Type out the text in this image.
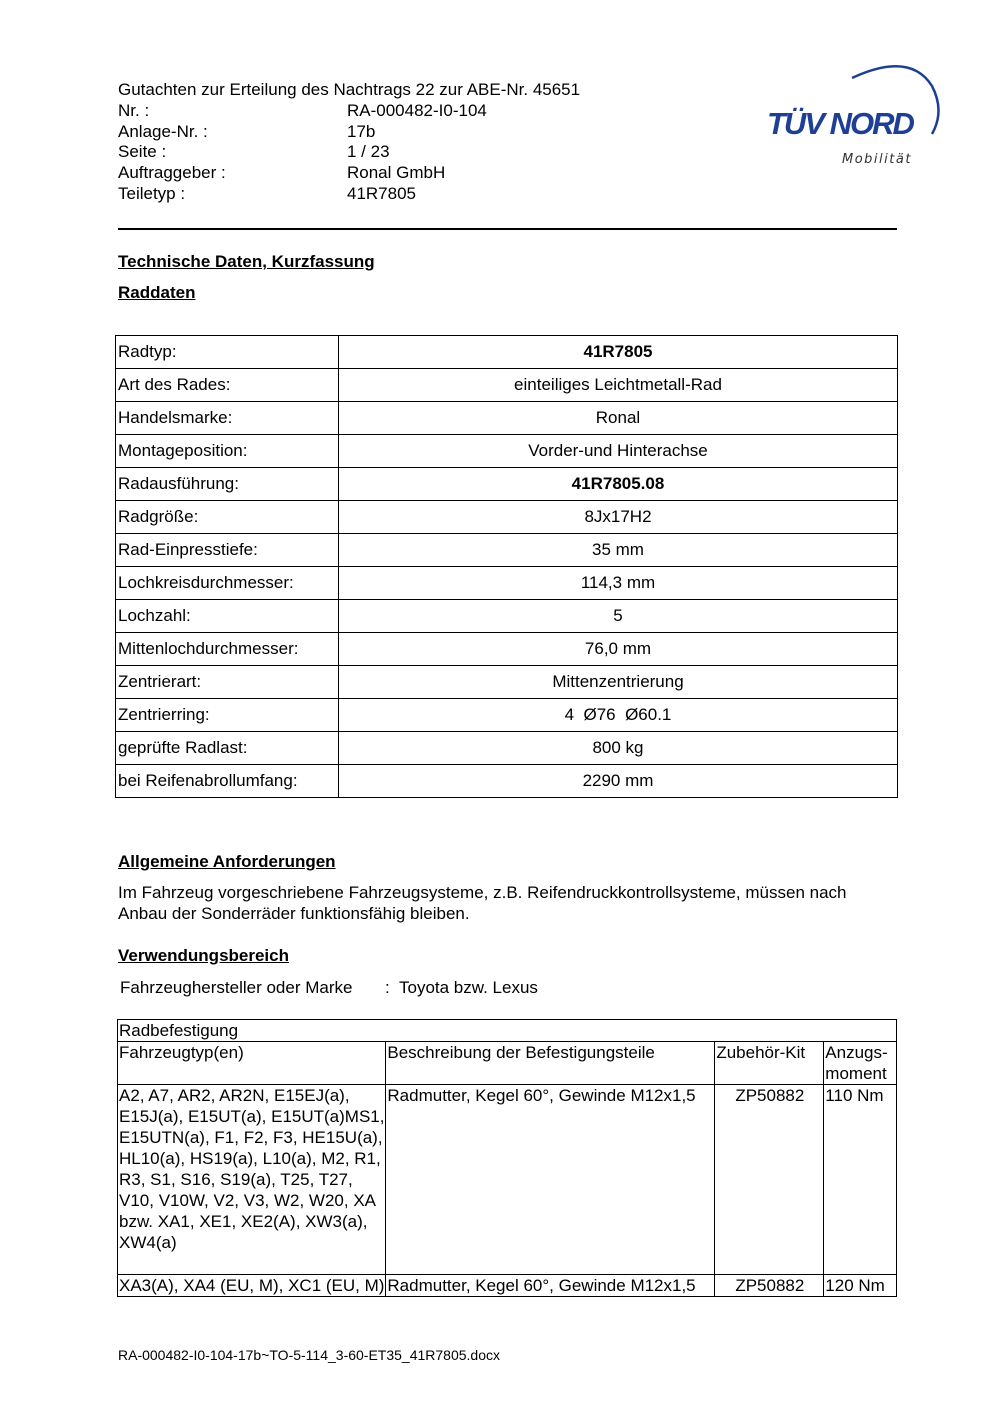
Gutachten zur Erteilung des Nachtrags 22 zur ABE-Nr. 45651
Nr. :	RA-000482-I0-104
Anlage-Nr. :	17b
Seite :	1 / 23
Auftraggeber :	Ronal GmbH
Teiletyp :	41R7805
TÜV NORD
Mobilität
Technische Daten, Kurzfassung
Raddaten
Radtyp:	41R7805
Art des Rades:	einteiliges Leichtmetall-Rad
Handelsmarke:	Ronal
Montageposition:	Vorder-und Hinterachse
Radausführung:	41R7805.08
Radgröße:	8Jx17H2
Rad-Einpresstiefe:	35 mm
Lochkreisdurchmesser:	114,3 mm
Lochzahl:	5
Mittenlochdurchmesser:	76,0 mm
Zentrierart:	Mittenzentrierung
Zentrierring:	4  Ø76  Ø60.1
geprüfte Radlast:	800 kg
bei Reifenabrollumfang:	2290 mm
Allgemeine Anforderungen
Im Fahrzeug vorgeschriebene Fahrzeugsysteme, z.B. Reifendruckkontrollsysteme, müssen nach Anbau der Sonderräder funktionsfähig bleiben.
Verwendungsbereich
Fahrzeughersteller oder Marke : Toyota bzw. Lexus
Radbefestigung			
Fahrzeugtyp(en)	Beschreibung der Befestigungsteile	Zubehör-Kit	Anzugs-
moment
A2, A7, AR2, AR2N, E15EJ(a), E15J(a), E15UT(a), E15UT(a)MS1, E15UTN(a), F1, F2, F3, HE15U(a), HL10(a), HS19(a), L10(a), M2, R1, R3, S1, S16, S19(a), T25, T27, V10, V10W, V2, V3, W2, W20, XA bzw. XA1, XE1, XE2(A), XW3(a), XW4(a)	Radmutter, Kegel 60°, Gewinde M12x1,5	ZP50882	110 Nm
XA3(A), XA4 (EU, M), XC1 (EU, M)	Radmutter, Kegel 60°, Gewinde M12x1,5	ZP50882	120 Nm
RA-000482-I0-104-17b~TO-5-114_3-60-ET35_41R7805.docx
